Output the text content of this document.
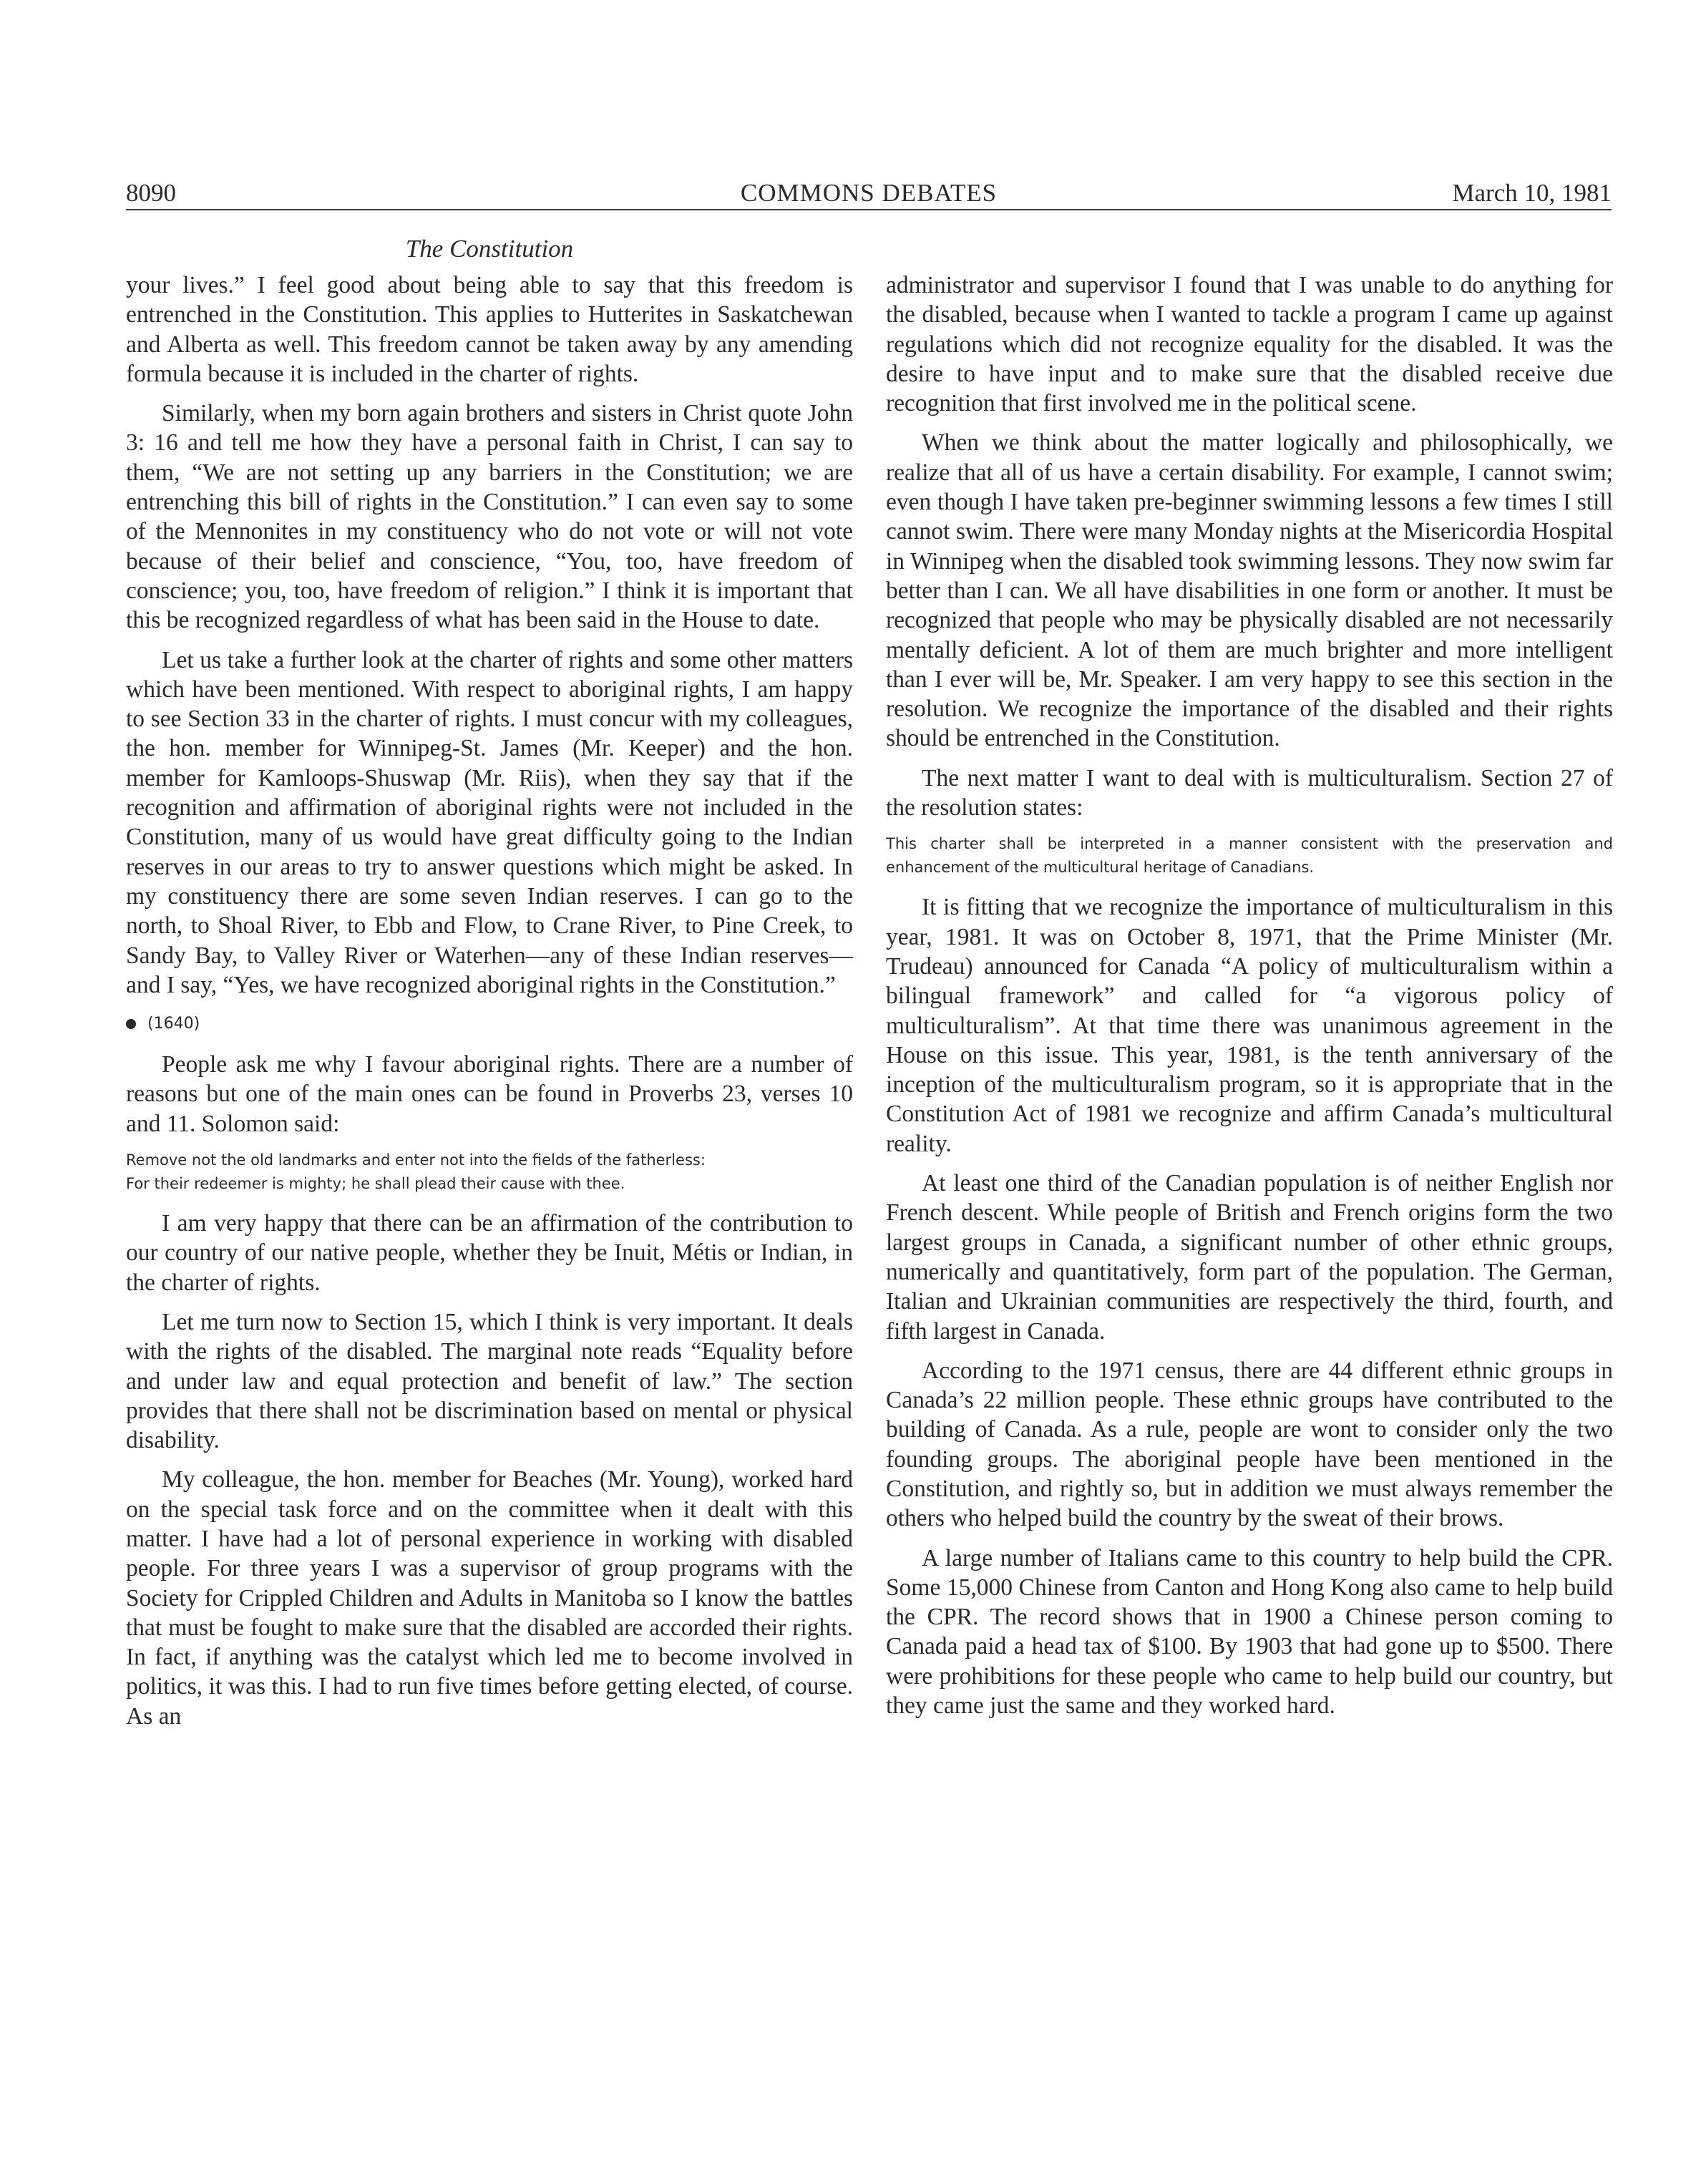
8090	COMMONS DEBATES	March 10, 1981
The Constitution

your lives.” I feel good about being able to say that this freedom is entrenched in the Constitution. This applies to Hutterites in Saskatchewan and Alberta as well. This freedom cannot be taken away by any amending formula because it is included in the charter of rights.

Similarly, when my born again brothers and sisters in Christ quote John 3: 16 and tell me how they have a personal faith in Christ, I can say to them, “We are not setting up any barriers in the Constitution; we are entrenching this bill of rights in the Constitution.” I can even say to some of the Mennonites in my constituency who do not vote or will not vote because of their belief and conscience, “You, too, have freedom of conscience; you, too, have freedom of religion.” I think it is important that this be recognized regardless of what has been said in the House to date.

Let us take a further look at the charter of rights and some other matters which have been mentioned. With respect to aboriginal rights, I am happy to see Section 33 in the charter of rights. I must concur with my colleagues, the hon. member for Winnipeg-St. James (Mr. Keeper) and the hon. member for Kamloops-Shuswap (Mr. Riis), when they say that if the recognition and affirmation of aboriginal rights were not included in the Constitution, many of us would have great difficulty going to the Indian reserves in our areas to try to answer questions which might be asked. In my constituency there are some seven Indian reserves. I can go to the north, to Shoal River, to Ebb and Flow, to Crane River, to Pine Creek, to Sandy Bay, to Valley River or Waterhen—any of these Indian reserves—and I say, “Yes, we have recognized aboriginal rights in the Constitution.”

(1640)

People ask me why I favour aboriginal rights. There are a number of reasons but one of the main ones can be found in Proverbs 23, verses 10 and 11. Solomon said:

Remove not the old landmarks and enter not into the fields of the fatherless:
For their redeemer is mighty; he shall plead their cause with thee.

I am very happy that there can be an affirmation of the contribution to our country of our native people, whether they be Inuit, Métis or Indian, in the charter of rights.

Let me turn now to Section 15, which I think is very important. It deals with the rights of the disabled. The marginal note reads “Equality before and under law and equal protection and benefit of law.” The section provides that there shall not be discrimination based on mental or physical disability.

My colleague, the hon. member for Beaches (Mr. Young), worked hard on the special task force and on the committee when it dealt with this matter. I have had a lot of personal experience in working with disabled people. For three years I was a supervisor of group programs with the Society for Crippled Children and Adults in Manitoba so I know the battles that must be fought to make sure that the disabled are accorded their rights. In fact, if anything was the catalyst which led me to become involved in politics, it was this. I had to run five times before getting elected, of course. As an

administrator and supervisor I found that I was unable to do anything for the disabled, because when I wanted to tackle a program I came up against regulations which did not recognize equality for the disabled. It was the desire to have input and to make sure that the disabled receive due recognition that first involved me in the political scene.

When we think about the matter logically and philosophically, we realize that all of us have a certain disability. For example, I cannot swim; even though I have taken pre-beginner swimming lessons a few times I still cannot swim. There were many Monday nights at the Misericordia Hospital in Winnipeg when the disabled took swimming lessons. They now swim far better than I can. We all have disabilities in one form or another. It must be recognized that people who may be physically disabled are not necessarily mentally deficient. A lot of them are much brighter and more intelligent than I ever will be, Mr. Speaker. I am very happy to see this section in the resolution. We recognize the importance of the disabled and their rights should be entrenched in the Constitution.

The next matter I want to deal with is multiculturalism. Section 27 of the resolution states:

This charter shall be interpreted in a manner consistent with the preservation and enhancement of the multicultural heritage of Canadians.

It is fitting that we recognize the importance of multiculturalism in this year, 1981. It was on October 8, 1971, that the Prime Minister (Mr. Trudeau) announced for Canada “A policy of multiculturalism within a bilingual framework” and called for “a vigorous policy of multiculturalism”. At that time there was unanimous agreement in the House on this issue. This year, 1981, is the tenth anniversary of the inception of the multiculturalism program, so it is appropriate that in the Constitution Act of 1981 we recognize and affirm Canada’s multicultural reality.

At least one third of the Canadian population is of neither English nor French descent. While people of British and French origins form the two largest groups in Canada, a significant number of other ethnic groups, numerically and quantitatively, form part of the population. The German, Italian and Ukrainian communities are respectively the third, fourth, and fifth largest in Canada.

According to the 1971 census, there are 44 different ethnic groups in Canada’s 22 million people. These ethnic groups have contributed to the building of Canada. As a rule, people are wont to consider only the two founding groups. The aboriginal people have been mentioned in the Constitution, and rightly so, but in addition we must always remember the others who helped build the country by the sweat of their brows.

A large number of Italians came to this country to help build the CPR. Some 15,000 Chinese from Canton and Hong Kong also came to help build the CPR. The record shows that in 1900 a Chinese person coming to Canada paid a head tax of $100. By 1903 that had gone up to $500. There were prohibitions for these people who came to help build our country, but they came just the same and they worked hard.
